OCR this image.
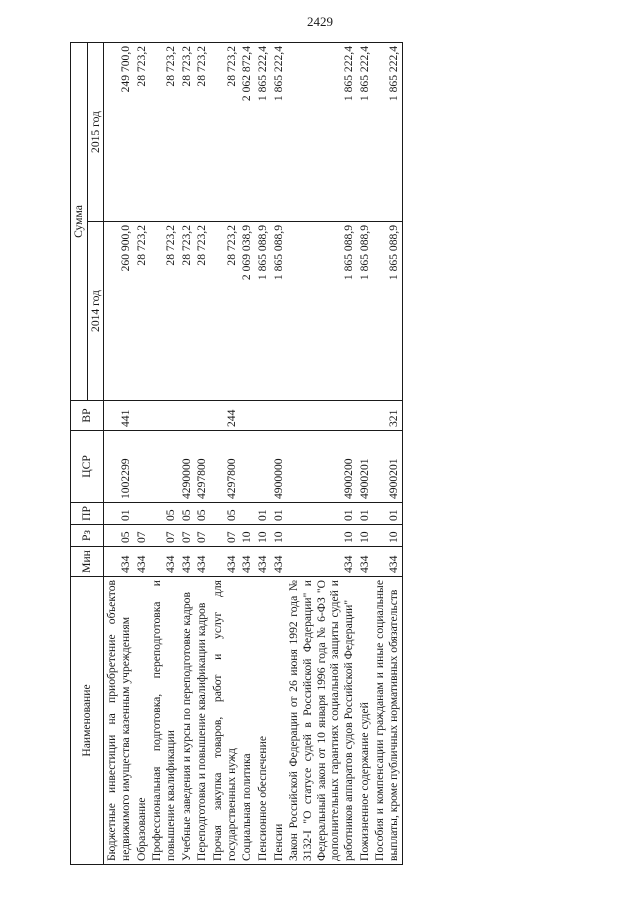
2429
Наименование	Мин	Рз	ПР	ЦСР	ВР	Сумма	
						2014 год	2015 год
Бюджетные инвестиции на приобретение объектов недвижимого имущества казенным учреждениям	434	05	01	1002299	441	260 900,0	249 700,0
Образование	434	07				28 723,2	28 723,2
Профессиональная подготовка, переподготовка и повышение квалификации	434	07	05			28 723,2	28 723,2
Учебные заведения и курсы по переподготовке кадров	434	07	05	4290000		28 723,2	28 723,2
Переподготовка и повышение квалификации кадров	434	07	05	4297800		28 723,2	28 723,2
Прочая закупка товаров, работ и услуг для государственных нужд	434	07	05	4297800	244	28 723,2	28 723,2
Социальная политика	434	10				2 069 038,9	2 062 872,4
Пенсионное обеспечение	434	10	01			1 865 088,9	1 865 222,4
Пенсии	434	10	01	4900000		1 865 088,9	1 865 222,4
Закон Российской Федерации от 26 июня 1992 года № 3132-I "О статусе судей в Российской Федерации" и Федеральный закон от 10 января 1996 года № 6-ФЗ "О дополнительных гарантиях социальной защиты судей и работников аппаратов судов Российской Федерации"	434	10	01	4900200		1 865 088,9	1 865 222,4
Пожизненное содержание судей	434	10	01	4900201		1 865 088,9	1 865 222,4
Пособия и компенсации гражданам и иные социальные выплаты, кроме публичных нормативных обязательств	434	10	01	4900201	321	1 865 088,9	1 865 222,4
